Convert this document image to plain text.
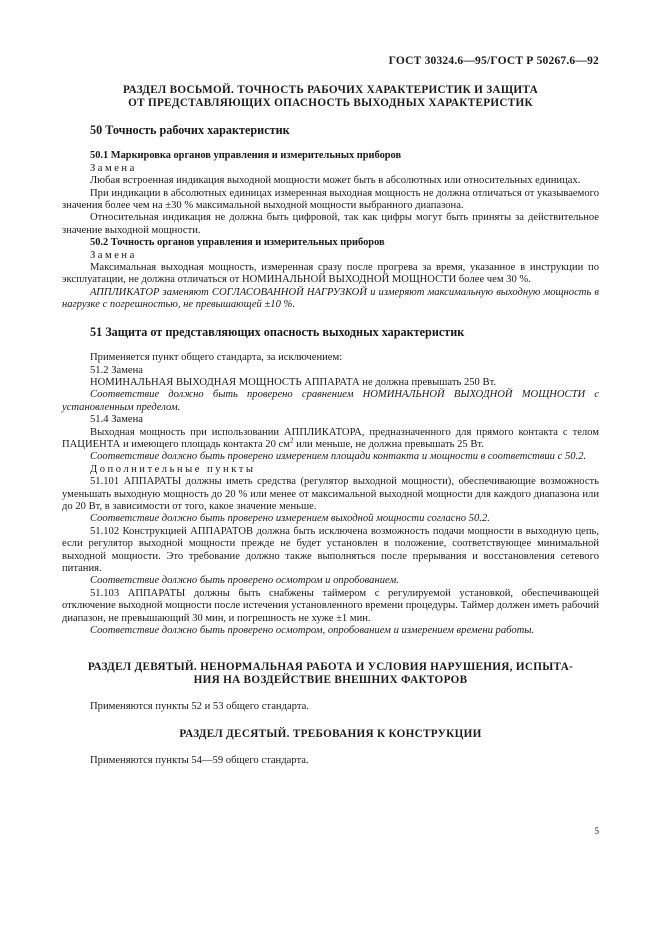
ГОСТ 30324.6—95/ГОСТ Р 50267.6—92

РАЗДЕЛ ВОСЬМОЙ. ТОЧНОСТЬ РАБОЧИХ ХАРАКТЕРИСТИК И ЗАЩИТА

ОТ ПРЕДСТАВЛЯЮЩИХ ОПАСНОСТЬ ВЫХОДНЫХ ХАРАКТЕРИСТИК

50 Точность рабочих характеристик
50.1 Маркировка органов управления и измерительных приборов

Замена

Любая встроенная индикация выходной мощности может быть в абсолютных или относительных единицах.

При индикации в абсолютных единицах измеренная выходная мощность не должна отличаться от указываемого значения более чем на ±30 % максимальной выходной мощности выбранного диапазона.

Относительная индикация не должна быть цифровой, так как цифры могут быть приняты за действительное значение выходной мощности.

50.2 Точность органов управления и измерительных приборов

Замена

Максимальная выходная мощность, измеренная сразу после прогрева за время, указанное в инструкции по эксплуатации, не должна отличаться от НОМИНАЛЬНОЙ ВЫХОДНОЙ МОЩНОСТИ более чем 30 %.

АППЛИКАТОР заменяют СОГЛАСОВАННОЙ НАГРУЗКОЙ и измеряют максимальную выходную мощность в нагрузке с погрешностью, не превышающей ±10 %.

51 Защита от представляющих опасность выходных характеристик

Применяется пункт общего стандарта, за исключением:

51.2 Замена

НОМИНАЛЬНАЯ ВЫХОДНАЯ МОЩНОСТЬ АППАРАТА не должна превышать 250 Вт.

Соответствие должно быть проверено сравнением НОМИНАЛЬНОЙ ВЫХОДНОЙ МОЩНОСТИ с установленным пределом.

51.4 Замена

Выходная мощность при использовании АППЛИКАТОРА, предназначенного для прямого контакта с телом ПАЦИЕНТА и имеющего площадь контакта 20 $см^2$ или меньше, не должна превышать 25 Вт.

Соответствие должно быть проверено измерением площади контакта и мощности в соответствии с 50.2.

Дополнительные пункты

51.101 АППАРАТЫ должны иметь средства (регулятор выходной мощности), обеспечивающие возможность уменьшать выходную мощность до 20 % или менее от максимальной выходной мощности для каждого диапазона или до 20 Вт, в зависимости от того, какое значение меньше.

Соответствие должно быть проверено измерением выходной мощности согласно 50.2.

51.102 Конструкцией АППАРАТОВ должна быть исключена возможность подачи мощности в выходную цепь, если регулятор выходной мощности прежде не будет установлен в положение, соответствующее минимальной выходной мощности. Это требование должно также выполняться после прерывания и восстановления сетевого питания.

Соответствие должно быть проверено осмотром и опробованием.

51.103 АППАРАТЫ должны быть снабжены таймером с регулируемой установкой, обеспечивающей отключение выходной мощности после истечения установленного времени процедуры. Таймер должен иметь рабочий диапазон, не превышающий 30 мин, и погрешность не хуже ±1 мин.

Соответствие должно быть проверено осмотром, опробованием и измерением времени работы.

РАЗДЕЛ ДЕВЯТЫЙ. НЕНОРМАЛЬНАЯ РАБОТА И УСЛОВИЯ НАРУШЕНИЯ, ИСПЫТА-

НИЯ НА ВОЗДЕЙСТВИЕ ВНЕШНИХ ФАКТОРОВ

Применяются пункты 52 и 53 общего стандарта.

РАЗДЕЛ ДЕСЯТЫЙ. ТРЕБОВАНИЯ К КОНСТРУКЦИИ

Применяются пункты 54—59 общего стандарта.

5
